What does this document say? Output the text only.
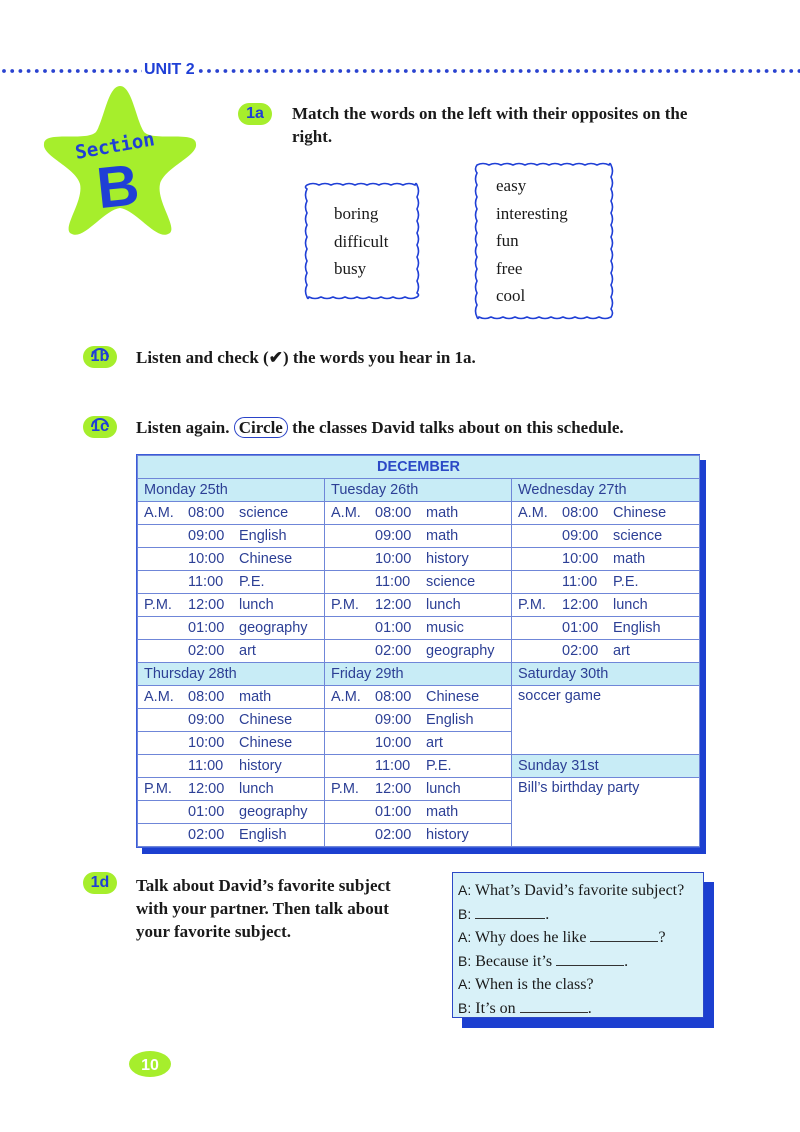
UNIT 2
Section
B
1a	Match the words on the left with their opposites on the right.
boring
difficult
busy
easy
interesting
fun
free
cool
1b	Listen and check (✔) the words you hear in 1a.
1c	Listen again. Circle the classes David talks about on this schedule.
DECEMBER		
Monday 25th	Tuesday 26th	Wednesday 27th

A.M. 08:00 science	A.M. 08:00 math	A.M. 08:00 Chinese

09:00 English	09:00 math	09:00 science

10:00 Chinese	10:00 history	10:00 math

11:00 P.E.	11:00 science	11:00 P.E.

P.M. 12:00 lunch	P.M. 12:00 lunch	P.M. 12:00 lunch

01:00 geography	01:00 music	01:00 English

02:00 art	02:00 geography	02:00 art

Thursday 28th	Friday 29th	Saturday 30th

A.M. 08:00 math	A.M. 08:00 Chinese	soccer game

09:00 Chinese	09:00 English	

10:00 Chinese	10:00 art	

11:00 history	11:00 P.E.	Sunday 31st

P.M. 12:00 lunch	P.M. 12:00 lunch	Bill’s birthday party

01:00 geography	01:00 math	

02:00 English	02:00 history	
1d	Talk about David’s favorite subject with your partner. Then talk about your favorite subject.
A: What’s David’s favorite subject?
B:	.
A: Why does he like	?
B: Because it’s	.
A: When is the class?
B: It’s on	.
10
